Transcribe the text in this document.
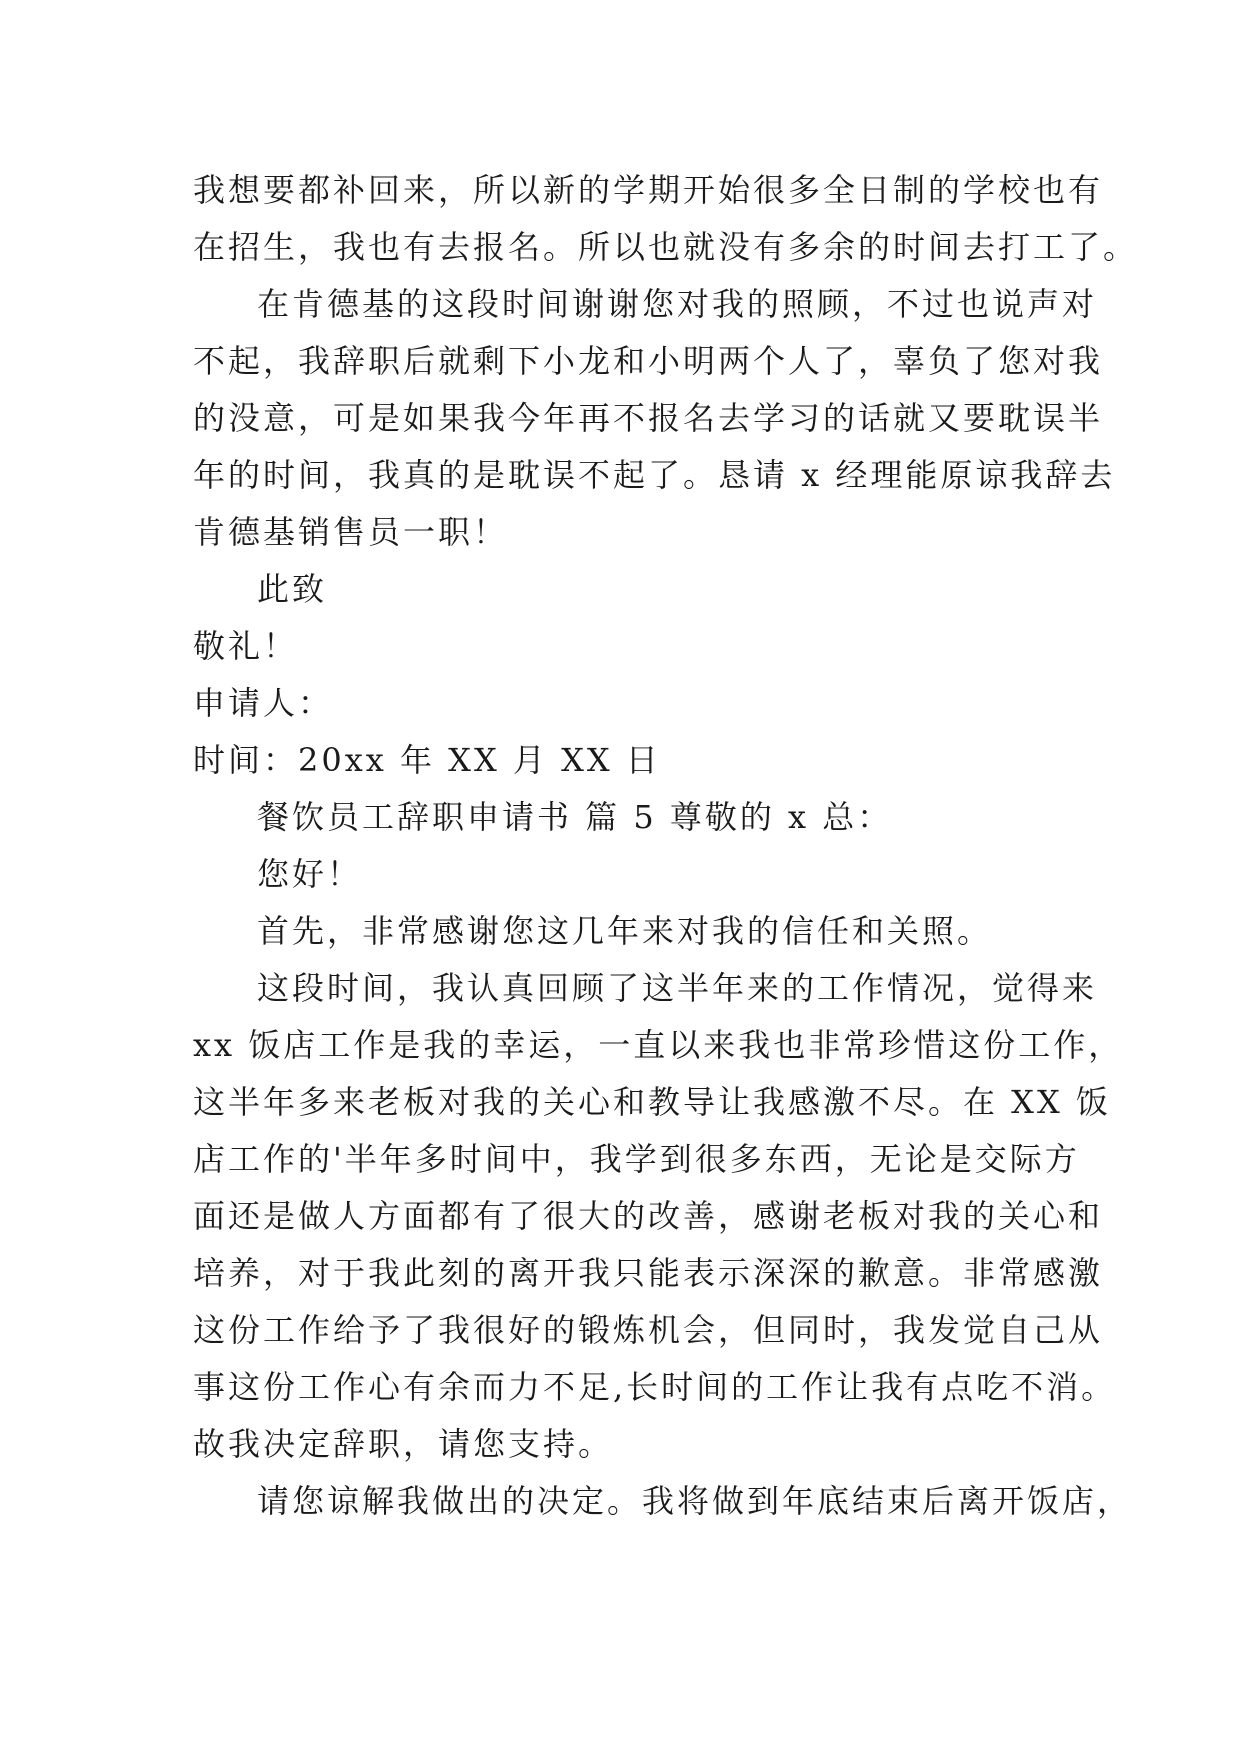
我想要都补回来，所以新的学期开始很多全日制的学校也有
在招生，我也有去报名。所以也就没有多余的时间去打工了。
在肯德基的这段时间谢谢您对我的照顾，不过也说声对
不起，我辞职后就剩下小龙和小明两个人了，辜负了您对我
的没意，可是如果我今年再不报名去学习的话就又要耽误半
年的时间，我真的是耽误不起了。恳请 x 经理能原谅我辞去
肯德基销售员一职！
此致
敬礼！
申请人：
时间：20xx 年 XX 月 XX 日
餐饮员工辞职申请书 篇 5 尊敬的 x 总：
您好！
首先，非常感谢您这几年来对我的信任和关照。
这段时间，我认真回顾了这半年来的工作情况，觉得来
xx 饭店工作是我的幸运，一直以来我也非常珍惜这份工作，
这半年多来老板对我的关心和教导让我感激不尽。在 XX 饭
店工作的'半年多时间中，我学到很多东西，无论是交际方
面还是做人方面都有了很大的改善，感谢老板对我的关心和
培养，对于我此刻的离开我只能表示深深的歉意。非常感激
这份工作给予了我很好的锻炼机会，但同时，我发觉自己从
事这份工作心有余而力不足,长时间的工作让我有点吃不消。
故我决定辞职，请您支持。
请您谅解我做出的决定。我将做到年底结束后离开饭店，
